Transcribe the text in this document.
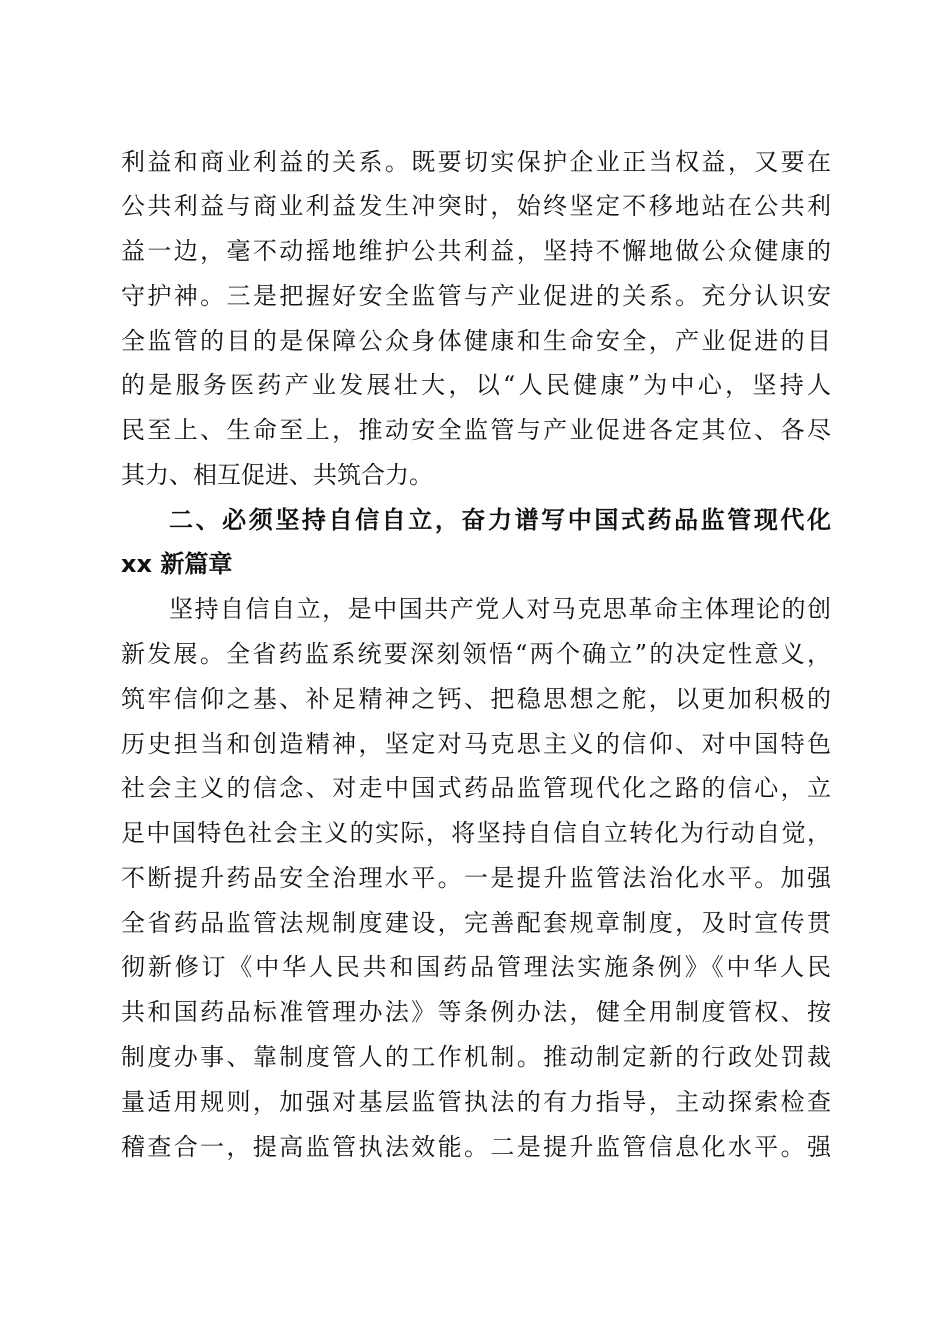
利益和商业利益的关系。既要切实保护企业正当权益，又要在
公共利益与商业利益发生冲突时，始终坚定不移地站在公共利
益一边，毫不动摇地维护公共利益，坚持不懈地做公众健康的
守护神。三是把握好安全监管与产业促进的关系。充分认识安
全监管的目的是保障公众身体健康和生命安全，产业促进的目
的是服务医药产业发展壮大，以“人民健康”为中心，坚持人
民至上、生命至上，推动安全监管与产业促进各定其位、各尽
其力、相互促进、共筑合力。
二、必须坚持自信自立，奋力谱写中国式药品监管现代化
xx 新篇章
坚持自信自立，是中国共产党人对马克思革命主体理论的创
新发展。全省药监系统要深刻领悟“两个确立”的决定性意义，
筑牢信仰之基、补足精神之钙、把稳思想之舵，以更加积极的
历史担当和创造精神，坚定对马克思主义的信仰、对中国特色
社会主义的信念、对走中国式药品监管现代化之路的信心，立
足中国特色社会主义的实际，将坚持自信自立转化为行动自觉，
不断提升药品安全治理水平。一是提升监管法治化水平。加强
全省药品监管法规制度建设，完善配套规章制度，及时宣传贯
彻新修订《中华人民共和国药品管理法实施条例》《中华人民
共和国药品标准管理办法》等条例办法，健全用制度管权、按
制度办事、靠制度管人的工作机制。推动制定新的行政处罚裁
量适用规则，加强对基层监管执法的有力指导，主动探索检查
稽查合一，提高监管执法效能。二是提升监管信息化水平。强
